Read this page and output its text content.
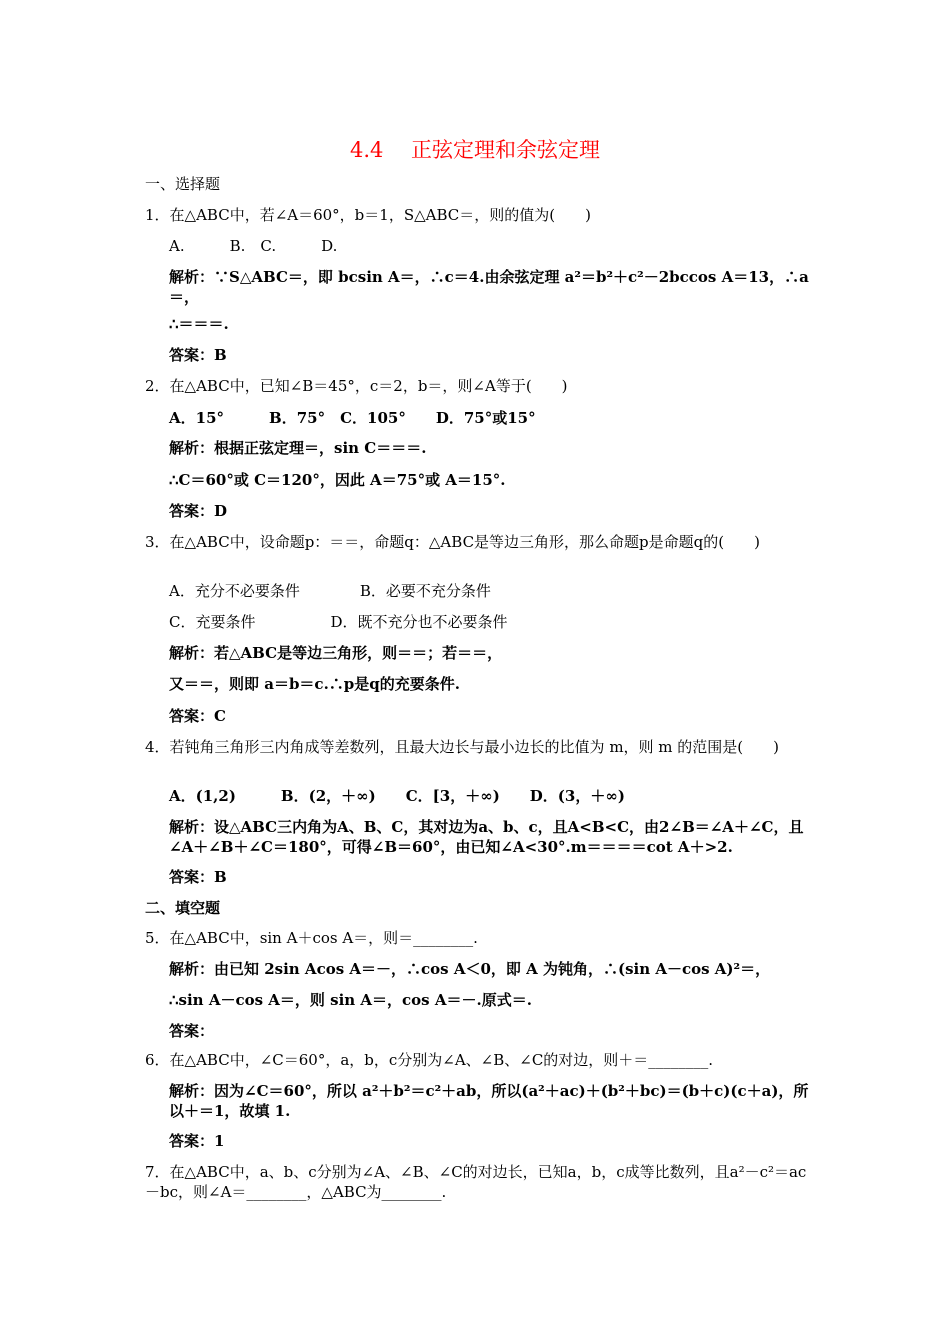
4.4　 正弦定理和余弦定理
一、选择题
1．在△ABC中，若∠A＝60°，b＝1，S△ABC＝，则的值为(　　)
A.　　　B.　C.　　　D.
解析：∵S△ABC＝，即 bcsin A＝，∴c＝4.由余弦定理 a²＝b²＋c²－2bccos A＝13，∴a＝，
∴＝＝＝.
答案：B
2．在△ABC中，已知∠B＝45°，c＝2，b＝，则∠A等于(　　)
A．15°　　　B．75°　C．105°　　D．75°或15°
解析：根据正弦定理＝，sin C＝＝＝.
∴C＝60°或 C＝120°，因此 A＝75°或 A＝15°.
答案：D
3．在△ABC中，设命题p：＝＝，命题q：△ABC是等边三角形，那么命题p是命题q的(　　)
A．充分不必要条件　　　　B．必要不充分条件
C．充要条件　　　　　D．既不充分也不必要条件
解析：若△ABC是等边三角形，则＝＝；若＝＝，
又＝＝，则即 a＝b＝c.∴p是q的充要条件.
答案：C
4．若钝角三角形三内角成等差数列，且最大边长与最小边长的比值为 m，则 m 的范围是(　　)
A．(1,2)　　　B．(2，＋∞)　　C．[3，＋∞)　　D．(3，＋∞)
解析：设△ABC三内角为A、B、C，其对边为a、b、c，且A<B<C，由2∠B＝∠A＋∠C，且∠A＋∠B＋∠C＝180°，可得∠B＝60°，由已知∠A<30°.m＝＝＝＝cot A＋>2.
答案：B
二、填空题
5．在△ABC中，sin A＋cos A＝，则＝________.
解析：由已知 2sin Acos A＝－，∴cos A＜0，即 A 为钝角，∴(sin A－cos A)²＝，
∴sin A－cos A＝，则 sin A＝，cos A＝－.原式＝.
答案：
6．在△ABC中，∠C＝60°，a，b，c分别为∠A、∠B、∠C的对边，则＋＝________.
解析：因为∠C＝60°，所以 a²＋b²＝c²＋ab，所以(a²＋ac)＋(b²＋bc)＝(b＋c)(c＋a)，所以＋＝1，故填 1.
答案：1
7．在△ABC中，a、b、c分别为∠A、∠B、∠C的对边长，已知a，b，c成等比数列，且a²－c²＝ac－bc，则∠A＝________，△ABC为________.
